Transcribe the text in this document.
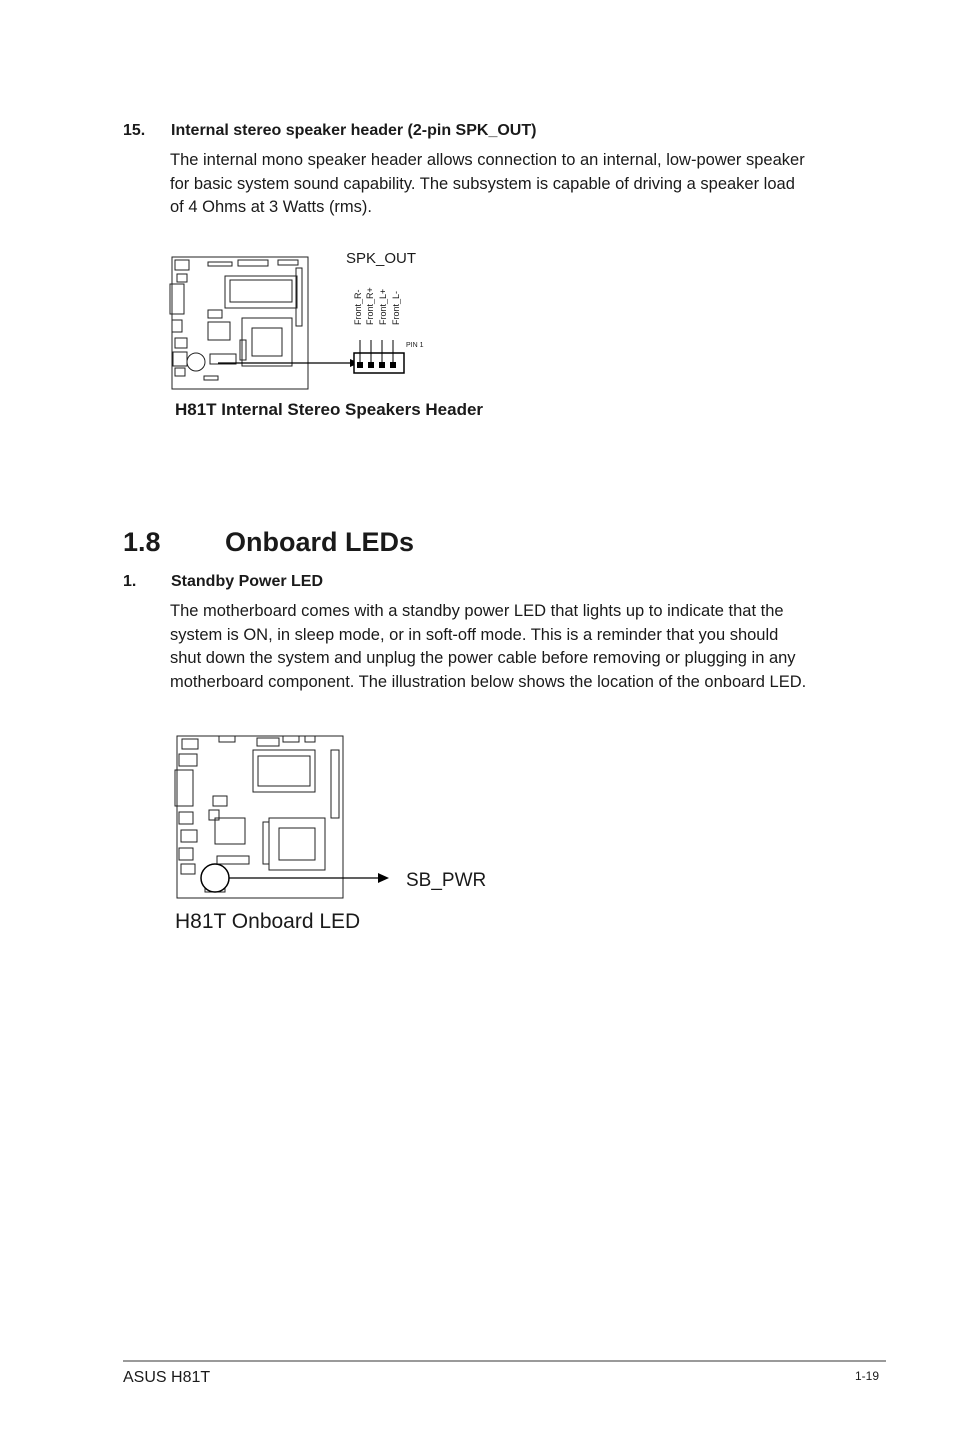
15. Internal stereo speaker header (2-pin SPK_OUT)
The internal mono speaker header allows connection to an internal, low-power speaker
for basic system sound capability. The subsystem is capable of driving a speaker load
of 4 Ohms at 3 Watts (rms).
SPK_OUT
Front_R- Front_R+ Front_L+ Front_L-
PIN 1
H81T Internal Stereo Speakers Header
1.8 Onboard LEDs
1. Standby Power LED
The motherboard comes with a standby power LED that lights up to indicate that the
system is ON, in sleep mode, or in soft-off mode. This is a reminder that you should
shut down the system and unplug the power cable before removing or plugging in any
motherboard component. The illustration below shows the location of the onboard LED.
SB_PWR
H81T Onboard LED
ASUS H81T	1-19
